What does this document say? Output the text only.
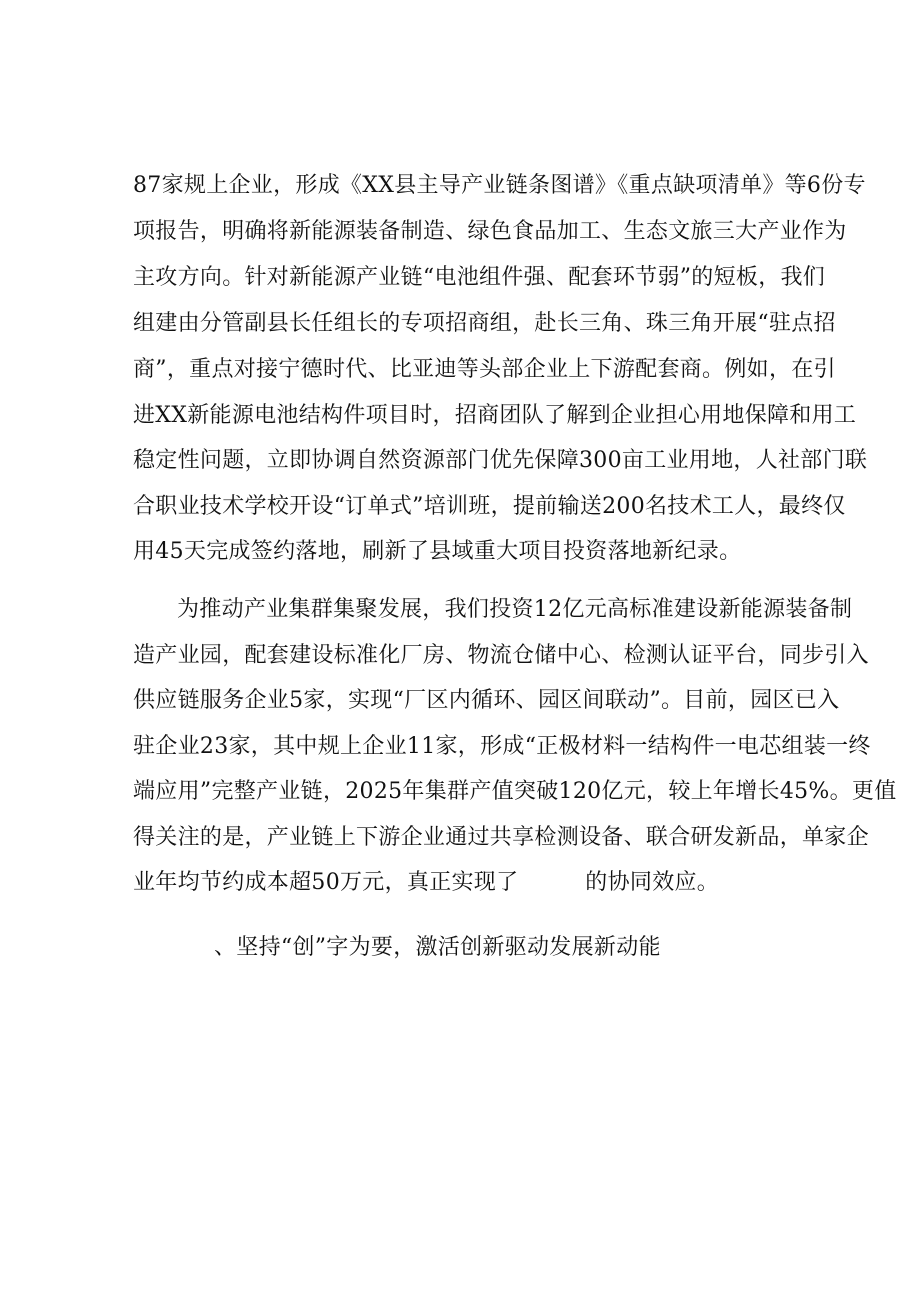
87家规上企业，形成《XX县主导产业链条图谱》《重点缺项清单》等6份专
项报告，明确将新能源装备制造、绿色食品加工、生态文旅三大产业作为
主攻方向。针对新能源产业链“电池组件强、配套环节弱”的短板，我们
组建由分管副县长任组长的专项招商组，赴长三角、珠三角开展“驻点招
商”，重点对接宁德时代、比亚迪等头部企业上下游配套商。例如，在引
进XX新能源电池结构件项目时，招商团队了解到企业担心用地保障和用工
稳定性问题，立即协调自然资源部门优先保障300亩工业用地，人社部门联
合职业技术学校开设“订单式”培训班，提前输送200名技术工人，最终仅
用45天完成签约落地，刷新了县域重大项目投资落地新纪录。
为推动产业集群集聚发展，我们投资12亿元高标准建设新能源装备制
造产业园，配套建设标准化厂房、物流仓储中心、检测认证平台，同步引入
供应链服务企业5家，实现“厂区内循环、园区间联动”。目前，园区已入
驻企业23家，其中规上企业11家，形成“正极材料一结构件一电芯组装一终
端应用”完整产业链，2025年集群产值突破120亿元，较上年增长45%。更值
得关注的是，产业链上下游企业通过共享检测设备、联合研发新品，单家企
业年均节约成本超50万元，真正实现了　　　的协同效应。
、坚持“创”字为要，激活创新驱动发展新动能
